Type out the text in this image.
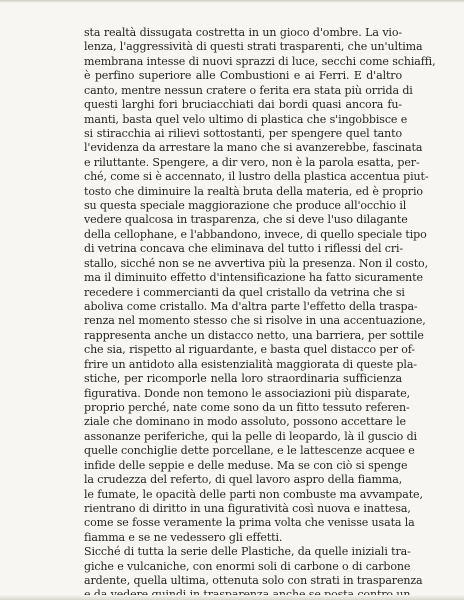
sta realtà dissugata costretta in un gioco d'ombre. La vio-
lenza, l'aggressività di questi strati trasparenti, che un'ultima
membrana intesse di nuovi sprazzi di luce, secchi come schiaffi,
è perfino superiore alle Combustioni e ai Ferri. E d'altro
canto, mentre nessun cratere o ferita era stata più orrida di
questi larghi fori bruciacchiati dai bordi quasi ancora fu-
manti, basta quel velo ultimo di plastica che s'ingobbisce e
si stiracchia ai rilievi sottostanti, per spengere quel tanto
l'evidenza da arrestare la mano che si avanzerebbe, fascinata
e riluttante. Spengere, a dir vero, non è la parola esatta, per-
ché, come si è accennato, il lustro della plastica accentua piut-
tosto che diminuire la realtà bruta della materia, ed è proprio
su questa speciale maggiorazione che produce all'occhio il
vedere qualcosa in trasparenza, che si deve l'uso dilagante
della cellophane, e l'abbandono, invece, di quello speciale tipo
di vetrina concava che eliminava del tutto i riflessi del cri-
stallo, sicché non se ne avvertiva più la presenza. Non il costo,
ma il diminuito effetto d'intensificazione ha fatto sicuramente
recedere i commercianti da quel cristallo da vetrina che si
aboliva come cristallo. Ma d'altra parte l'effetto della traspa-
renza nel momento stesso che si risolve in una accentuazione,
rappresenta anche un distacco netto, una barriera, per sottile
che sia, rispetto al riguardante, e basta quel distacco per of-
frire un antidoto alla esistenzialità maggiorata di queste pla-
stiche, per ricomporle nella loro straordinaria sufficienza
figurativa. Donde non temono le associazioni più disparate,
proprio perché, nate come sono da un fitto tessuto referen-
ziale che dominano in modo assoluto, possono accettare le
assonanze periferiche, qui la pelle di leopardo, là il guscio di
quelle conchiglie dette porcellane, e le lattescenze acquee e
infide delle seppie e delle meduse. Ma se con ciò si spenge
la crudezza del referto, di quel lavoro aspro della fiamma,
le fumate, le opacità delle parti non combuste ma avvampate,
rientrano di diritto in una figuratività così nuova e inattesa,
come se fosse veramente la prima volta che venisse usata la
fiamma e se ne vedessero gli effetti.
Sicché di tutta la serie delle Plastiche, da quelle iniziali tra-
giche e vulcaniche, con enormi soli di carbone o di carbone
ardente, quella ultima, ottenuta solo con strati in trasparenza
